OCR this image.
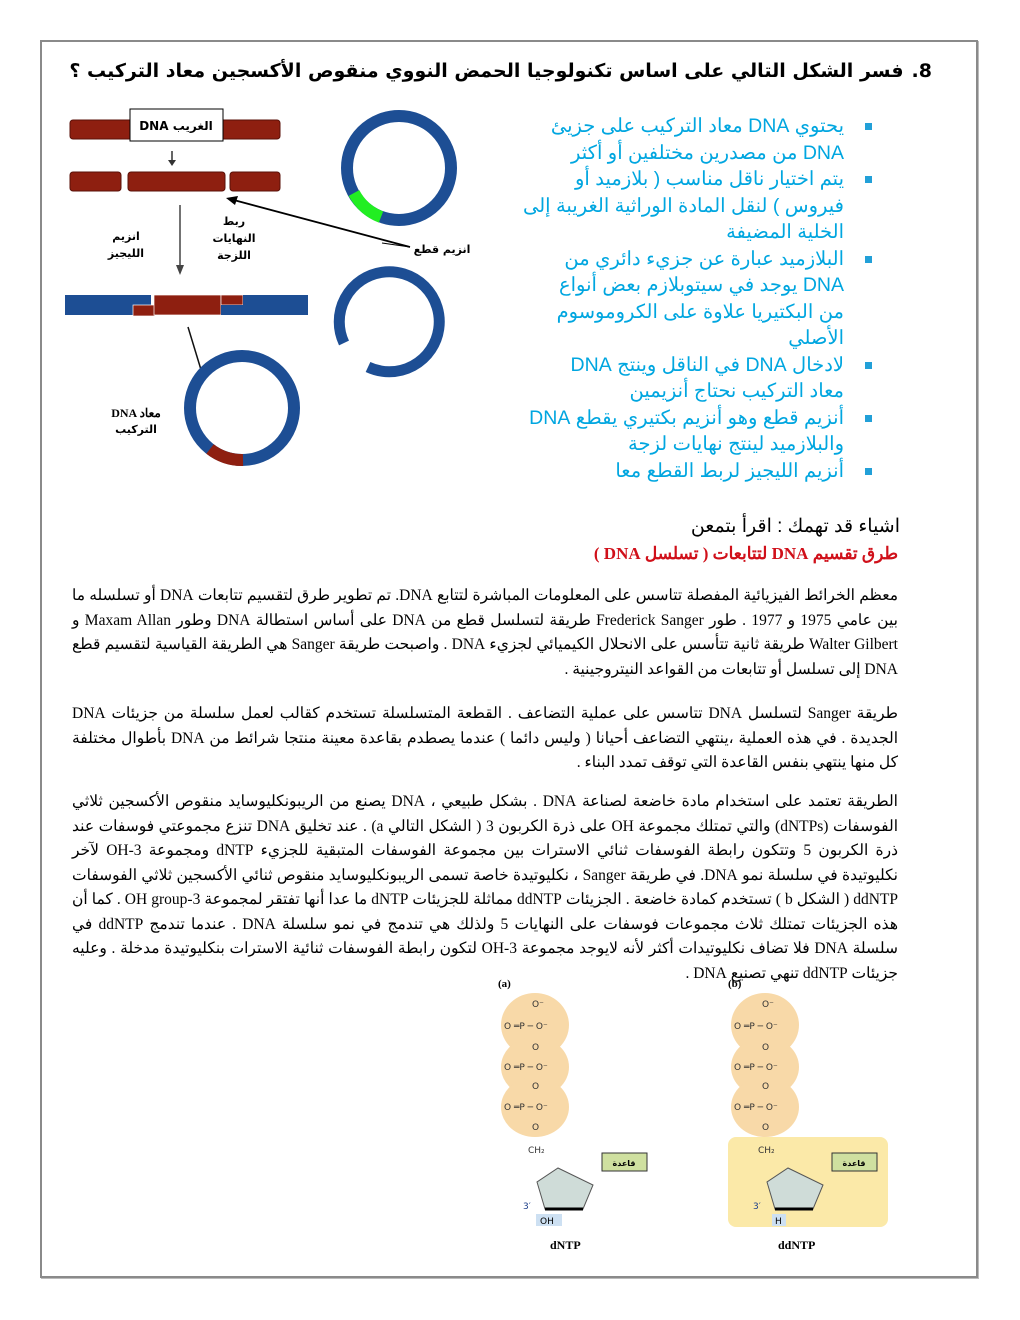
8.فسر الشكل التالي على اساس تكنولوجيا الحمض النووي منقوص الأكسجين معاد التركيب ؟
DNA الغريب
انزيم
الليجيز
ربط
النهايات
اللزجة	انزيم قطع
DNA معاد
التركيب
يحتوي DNA معاد التركيب على جزيئ
DNA من مصدرين مختلفين أو أكثر
يتم اختيار ناقل مناسب ( بلازميد أو
فيروس ) لنقل المادة الوراثية الغريبة إلى
الخلية المضيفة
البلازميد عبارة عن جزيء دائري من
DNA يوجد في سيتوبلازم بعض أنواع
من البكتيريا علاوة على الكروموسوم
الأصلي
لادخال DNA في الناقل وينتج DNA
معاد التركيب نحتاج أنزيمين
أنزيم قطع وهو أنزيم بكتيري يقطع DNA
والبلازميد لينتج نهايات لزجة
أنزيم الليجيز لربط القطع معا
اشياء قد تهمك : اقرأ بتمعن
طرق تقسيم DNA لتتابعات ( تسلسل DNA )

معظم الخرائط الفيزيائية المفصلة تتاسس على المعلومات المباشرة لتتابع DNA. تم تطوير طرق لتقسيم تتابعات DNA أو تسلسله ما بين عامي 1975 و 1977 . طور Frederick Sanger طريقة لتسلسل قطع من DNA على أساس استطالة DNA وطور Maxam Allan و Walter Gilbert طريقة ثانية تتأسس على الانحلال الكيميائي لجزيء DNA . واصبحت طريقة Sanger هي الطريقة القياسية لتقسيم قطع DNA إلى تسلسل أو تتابعات من القواعد النيتروجينية .

طريقة Sanger لتسلسل DNA تتاسس على عملية التضاعف . القطعة المتسلسلة تستخدم كقالب لعمل سلسلة من جزيئات DNA الجديدة . في هذه العملية ،ينتهي التضاعف أحيانا ( وليس دائما ) عندما يصطدم بقاعدة معينة منتجا شرائط من DNA بأطوال مختلفة كل منها ينتهي بنفس القاعدة التي توقف تمدد البناء .

الطريقة تعتمد على استخدام مادة خاضعة لصناعة DNA . بشكل طبيعي ، DNA يصنع من الريبونكليوسايد منقوص الأكسجين ثلاثي الفوسفات (dNTPs) والتي تمتلك مجموعة OH على ذرة الكربون 3 ( الشكل التالي a) . عند تخليق DNA تنزع مجموعتي فوسفات عند ذرة الكربون 5 وتتكون رابطة الفوسفات ثنائي الاسترات بين مجموعة الفوسفات المتبقية للجزيء dNTP ومجموعة 3-OH لآخر نكليوتيدة في سلسلة نمو DNA. في طريقة Sanger ، نكليوتيدة خاصة تسمى الريبونكليوسايد منقوص ثنائي الأكسجين ثلاثي الفوسفات ddNTP ( الشكل b ) تستخدم كمادة خاضعة . الجزيئات ddNTP مماثلة للجزيئات dNTP ما عدا أنها تفتقر لمجموعة 3-OH group . كما أن هذه الجزيئات تمتلك ثلاث مجموعات فوسفات على النهايات 5 ولذلك هي تندمج في نمو سلسلة DNA . عندما تندمج ddNTP في سلسلة DNA فلا تضاف نكليوتيدات أكثر لأنه لايوجد مجموعة 3-OH لتكون رابطة الفوسفات ثنائية الاسترات بنكليوتيدة مدخلة . وعليه جزيئات ddNTP تنهي تصنيع DNA .

(a)
O⁻
O ═P ─ O⁻
O
O ═P ─ O⁻
O
O ═P ─ O⁻
O
CH₂
قاعدة
3′
OH
dNTP
(b)
O⁻
O ═P ─ O⁻
O
O ═P ─ O⁻
O
O ═P ─ O⁻
O
CH₂
قاعدة
3′
H
ddNTP
